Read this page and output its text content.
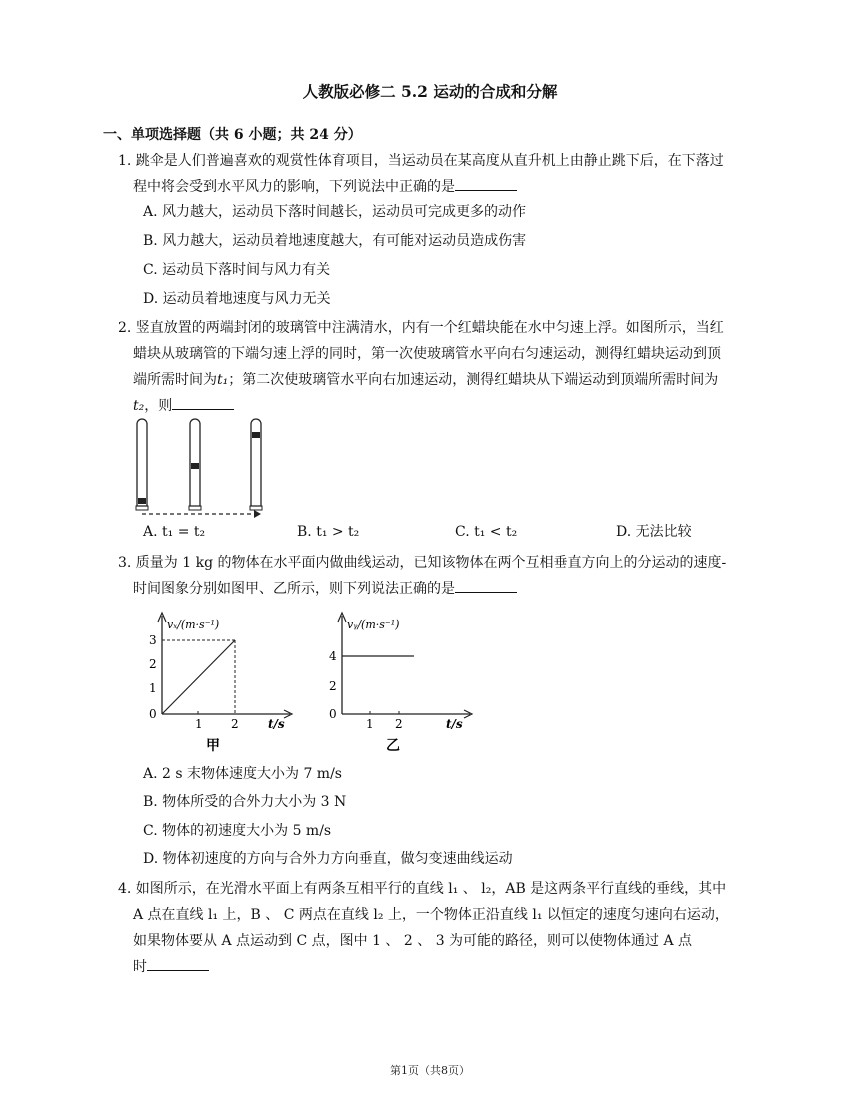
人教版必修二 5.2 运动的合成和分解
一、单项选择题（共 6 小题；共 24 分）
1. 跳伞是人们普遍喜欢的观赏性体育项目，当运动员在某高度从直升机上由静止跳下后，在下落过
程中将会受到水平风力的影响，下列说法中正确的是
A. 风力越大，运动员下落时间越长，运动员可完成更多的动作
B. 风力越大，运动员着地速度越大，有可能对运动员造成伤害
C. 运动员下落时间与风力有关
D. 运动员着地速度与风力无关
2. 竖直放置的两端封闭的玻璃管中注满清水，内有一个红蜡块能在水中匀速上浮。如图所示，当红
蜡块从玻璃管的下端匀速上浮的同时，第一次使玻璃管水平向右匀速运动，测得红蜡块运动到顶
端所需时间为t₁；第二次使玻璃管水平向右加速运动，测得红蜡块从下端运动到顶端所需时间为
t₂，则
A. t₁ = t₂	B. t₁ > t₂	C. t₁ < t₂	D. 无法比较
3. 质量为 1 kg 的物体在水平面内做曲线运动，已知该物体在两个互相垂直方向上的分运动的速度-
时间图象分别如图甲、乙所示，则下列说法正确的是
vₓ/(m·s⁻¹)
3
2
1
0
1 2 t/s
甲
vᵧ/(m·s⁻¹)
4
2
0
1 2	t/s
乙
A. 2 s 末物体速度大小为 7 m/s
B. 物体所受的合外力大小为 3 N
C. 物体的初速度大小为 5 m/s
D. 物体初速度的方向与合外力方向垂直，做匀变速曲线运动
4. 如图所示，在光滑水平面上有两条互相平行的直线 l₁ 、 l₂，AB 是这两条平行直线的垂线，其中
A 点在直线 l₁ 上，B 、 C 两点在直线 l₂ 上，一个物体正沿直线 l₁ 以恒定的速度匀速向右运动，
如果物体要从 A 点运动到 C 点，图中 1 、 2 、 3 为可能的路径，则可以使物体通过 A 点
时
第1页（共8页）
